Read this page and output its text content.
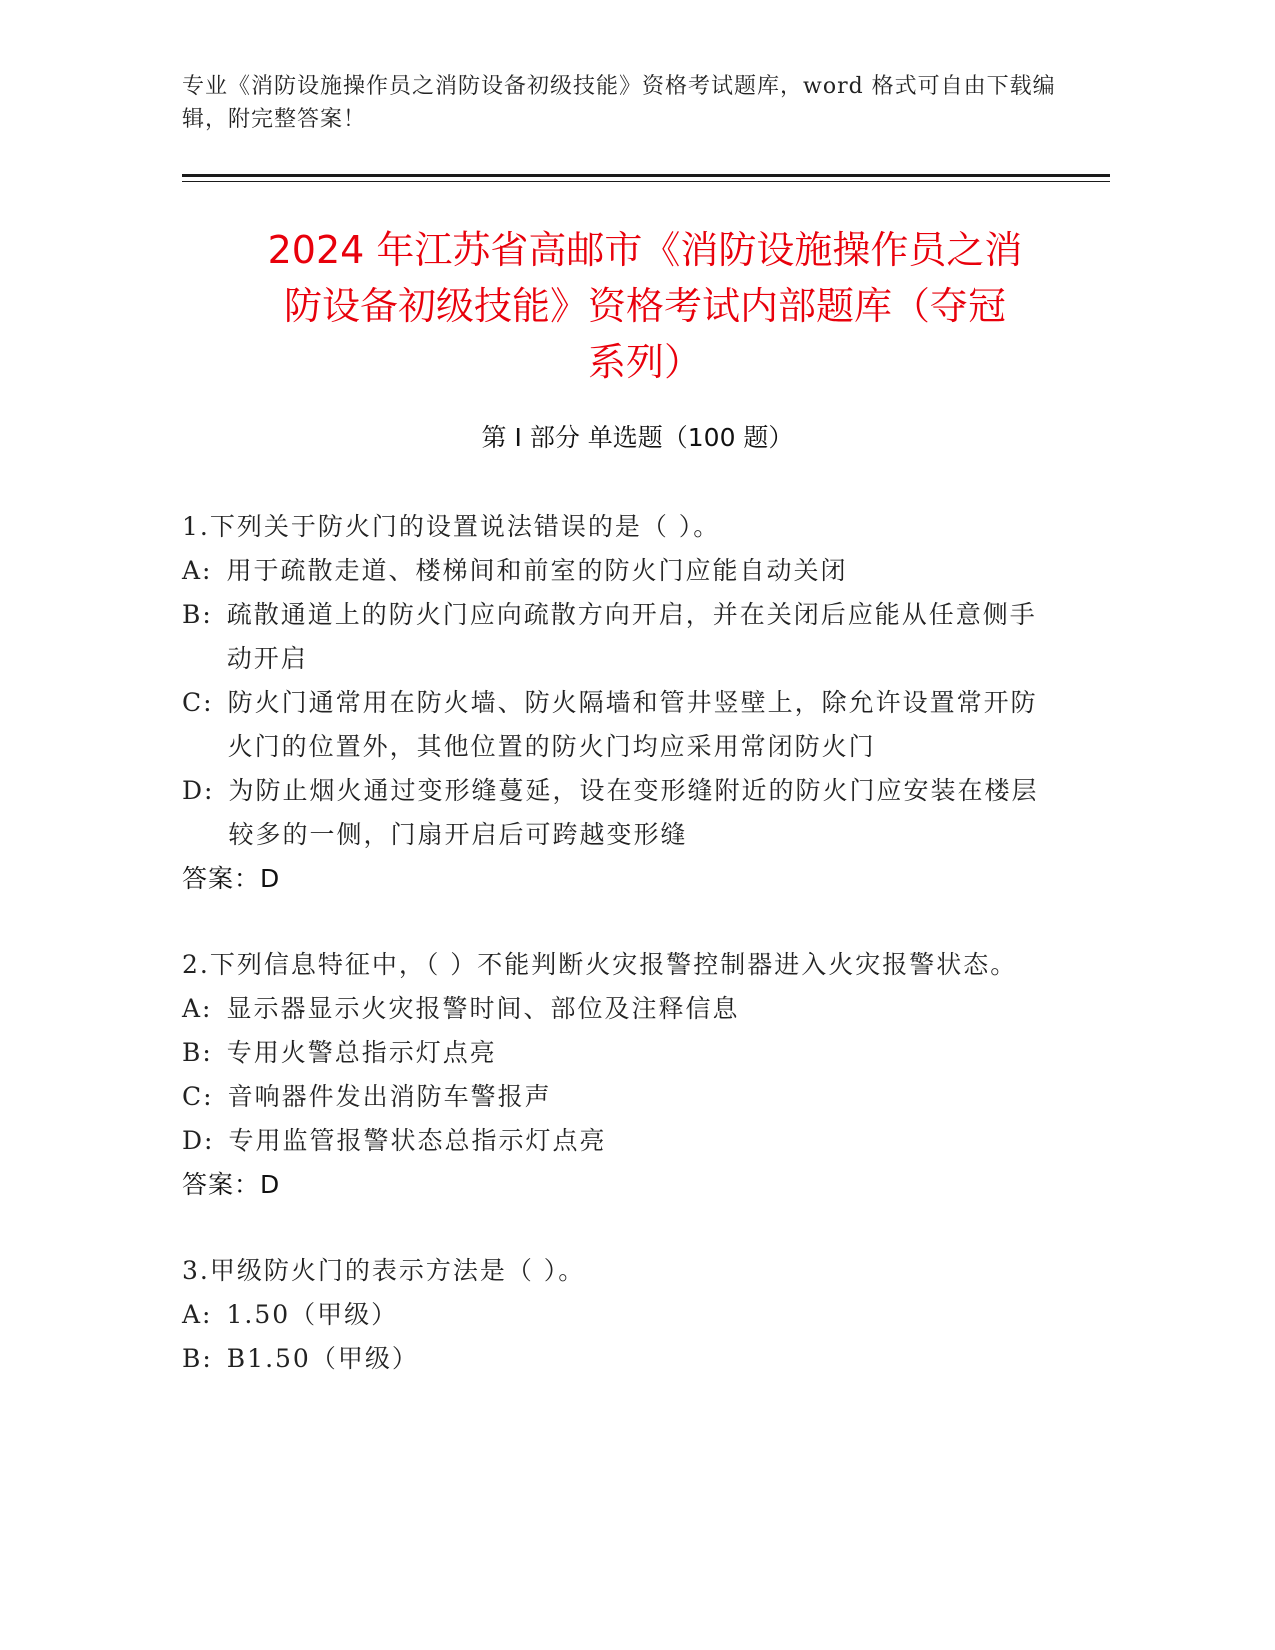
专业《消防设施操作员之消防设备初级技能》资格考试题库，word 格式可自由下载编辑，附完整答案！
2024 年江苏省高邮市《消防设施操作员之消
防设备初级技能》资格考试内部题库（夺冠
系列）
第 I 部分 单选题（100 题）
1.下列关于防火门的设置说法错误的是（ ）。
A: 用于疏散走道、楼梯间和前室的防火门应能自动关闭
B: 疏散通道上的防火门应向疏散方向开启，并在关闭后应能从任意侧手动开启
C: 防火门通常用在防火墙、防火隔墙和管井竖壁上，除允许设置常开防火门的位置外，其他位置的防火门均应采用常闭防火门
D: 为防止烟火通过变形缝蔓延，设在变形缝附近的防火门应安装在楼层较多的一侧，门扇开启后可跨越变形缝
答案：D
2.下列信息特征中，（ ）不能判断火灾报警控制器进入火灾报警状态。
A: 显示器显示火灾报警时间、部位及注释信息
B: 专用火警总指示灯点亮
C: 音响器件发出消防车警报声
D: 专用监管报警状态总指示灯点亮
答案：D
3.甲级防火门的表示方法是（ ）。
A: 1.50（甲级）
B: B1.50（甲级）
